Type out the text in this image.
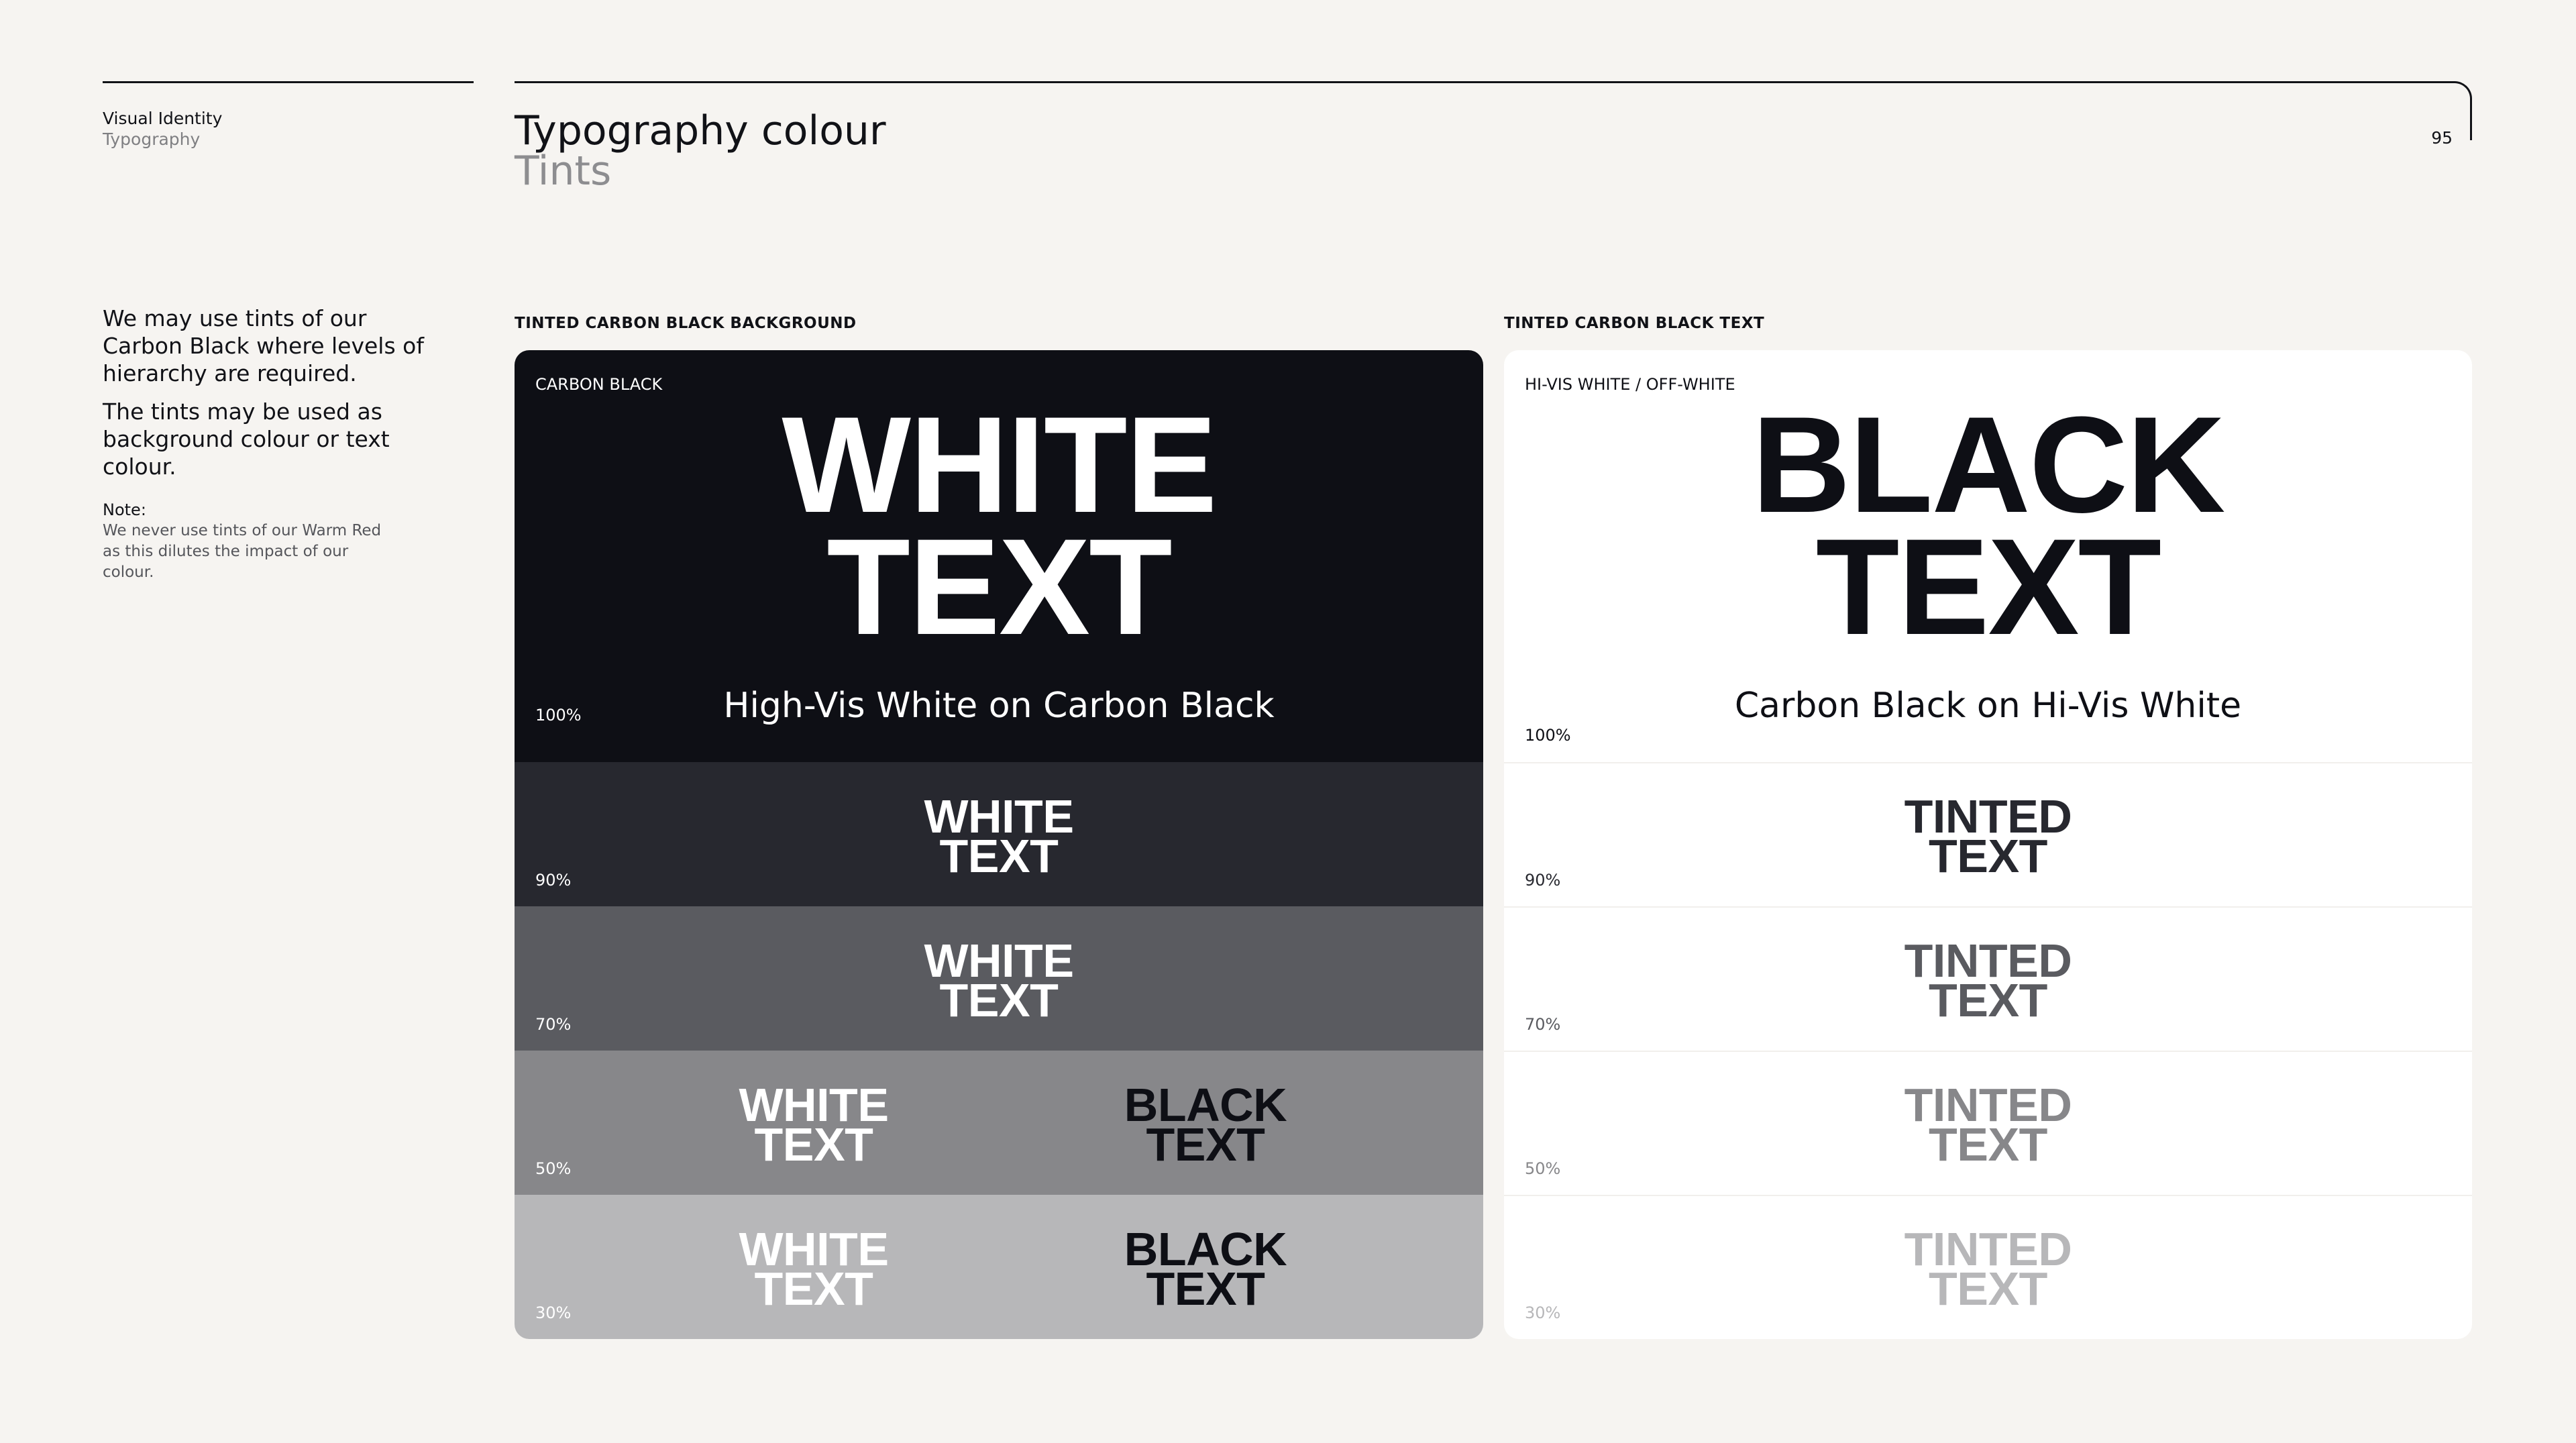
Visual Identity
Typography	Typography colour
Tints
95
We may use tints of our Carbon Black where levels of hierarchy are required.
The tints may be used as background colour or text colour.
Note:
We never use tints of our Warm Red as this dilutes the impact of our colour.
TINTED CARBON BLACK BACKGROUND	TINTED CARBON BLACK TEXT
CARBON BLACK
WHITE
TEXT
High-Vis White on Carbon Black
100%
WHITE
TEXT
90%
WHITE
TEXT
70%
WHITE
TEXT
BLACK
TEXT
50%
WHITE
TEXT
BLACK
TEXT
30%
HI-VIS WHITE / OFF-WHITE
BLACK
TEXT
Carbon Black on Hi-Vis White
100%
TINTED
TEXT
90%
TINTED
TEXT
70%
TINTED
TEXT
50%
TINTED
TEXT
30%
